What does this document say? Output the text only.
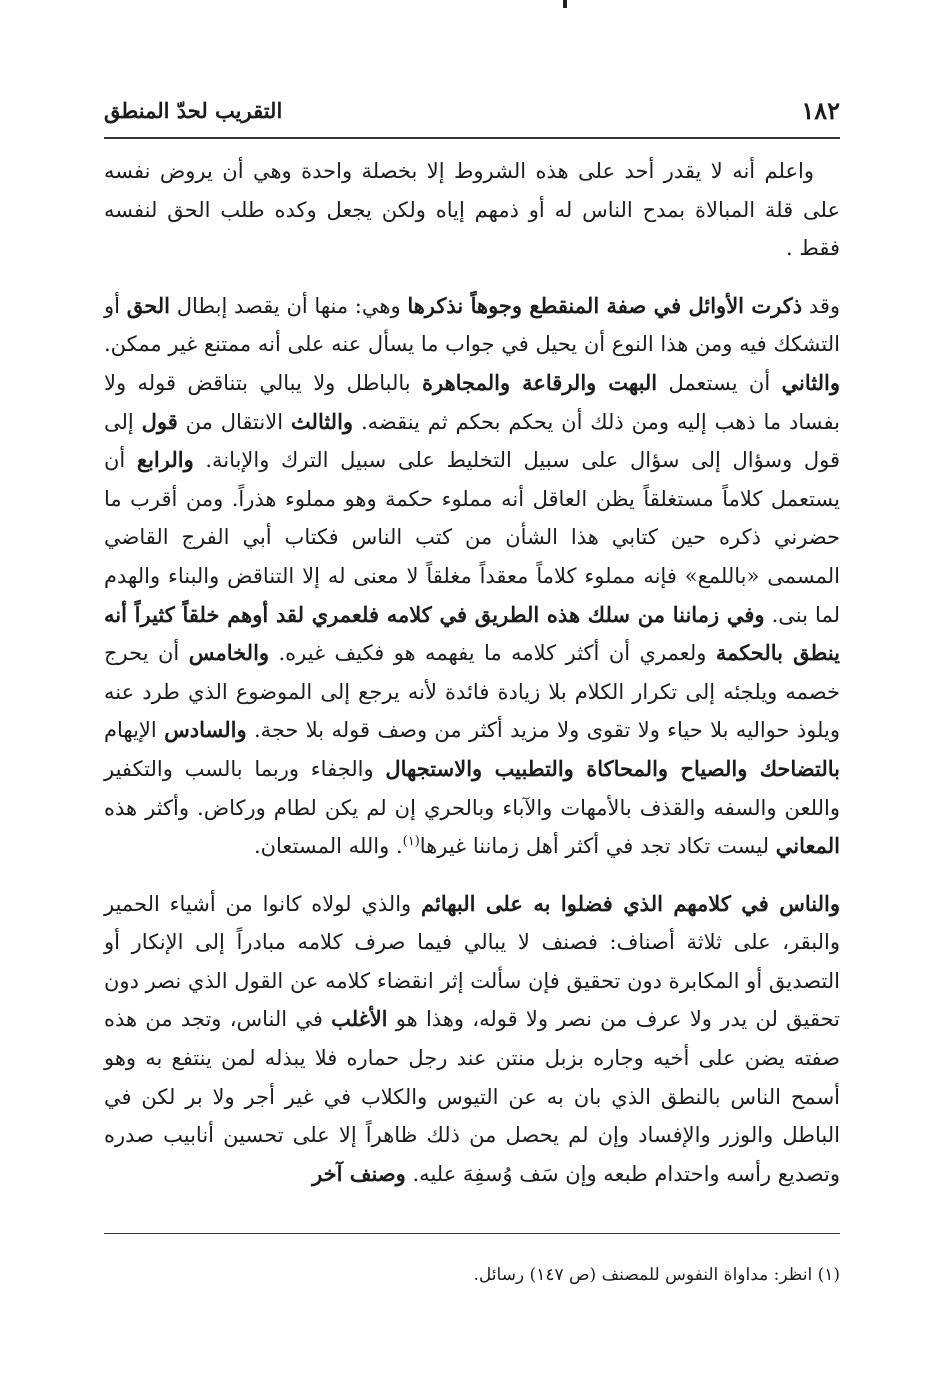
١٨٢
التقريب لحدّ المنطق

واعلم أنه لا يقدر أحد على هذه الشروط إلا بخصلة واحدة وهي أن يروض نفسه على قلة المبالاة بمدح الناس له أو ذمهم إياه ولكن يجعل وكده طلب الحق لنفسه فقط .

وقد ذكرت الأوائل في صفة المنقطع وجوهاً نذكرها وهي: منها أن يقصد إبطال الحق أو التشكك فيه ومن هذا النوع أن يحيل في جواب ما يسأل عنه على أنه ممتنع غير ممكن. والثاني أن يستعمل البهت والرقاعة والمجاهرة بالباطل ولا يبالي بتناقض قوله ولا بفساد ما ذهب إليه ومن ذلك أن يحكم بحكم ثم ينقضه. والثالث الانتقال من قول إلى قول وسؤال إلى سؤال على سبيل التخليط على سبيل الترك والإبانة. والرابع أن يستعمل كلاماً مستغلقاً يظن العاقل أنه مملوء حكمة وهو مملوء هذراً. ومن أقرب ما حضرني ذكره حين كتابي هذا الشأن من كتب الناس فكتاب أبي الفرج القاضي المسمى «باللمع» فإنه مملوء كلاماً معقداً مغلقاً لا معنى له إلا التناقض والبناء والهدم لما بنى. وفي زماننا من سلك هذه الطريق في كلامه فلعمري لقد أوهم خلقاً كثيراً أنه ينطق بالحكمة ولعمري أن أكثر كلامه ما يفهمه هو فكيف غيره. والخامس أن يحرج خصمه ويلجئه إلى تكرار الكلام بلا زيادة فائدة لأنه يرجع إلى الموضوع الذي طرد عنه ويلوذ حواليه بلا حياء ولا تقوى ولا مزيد أكثر من وصف قوله بلا حجة. والسادس الإيهام بالتضاحك والصياح والمحاكاة والتطبيب والاستجهال والجفاء وربما بالسب والتكفير واللعن والسفه والقذف بالأمهات والآباء وبالحري إن لم يكن لطام وركاض. وأكثر هذه المعاني ليست تكاد تجد في أكثر أهل زماننا غيرها$^{(١)}$. والله المستعان.

والناس في كلامهم الذي فضلوا به على البهائم والذي لولاه كانوا من أشياء الحمير والبقر، على ثلاثة أصناف: فصنف لا يبالي فيما صرف كلامه مبادراً إلى الإنكار أو التصديق أو المكابرة دون تحقيق فإن سألت إثر انقضاء كلامه عن القول الذي نصر دون تحقيق لن يدر ولا عرف من نصر ولا قوله، وهذا هو الأغلب في الناس، وتجد من هذه صفته يضن على أخيه وجاره بزبل منتن عند رجل حماره فلا يبذله لمن ينتفع به وهو أسمح الناس بالنطق الذي بان به عن التيوس والكلاب في غير أجر ولا بر لكن في الباطل والوزر والإفساد وإن لم يحصل من ذلك ظاهراً إلا على تحسين أنابيب صدره وتصديع رأسه واحتدام طبعه وإن سَف وُسفِهَ عليه. وصنف آخر

(١) انظر: مداواة النفوس للمصنف (ص ١٤٧) رسائل.
